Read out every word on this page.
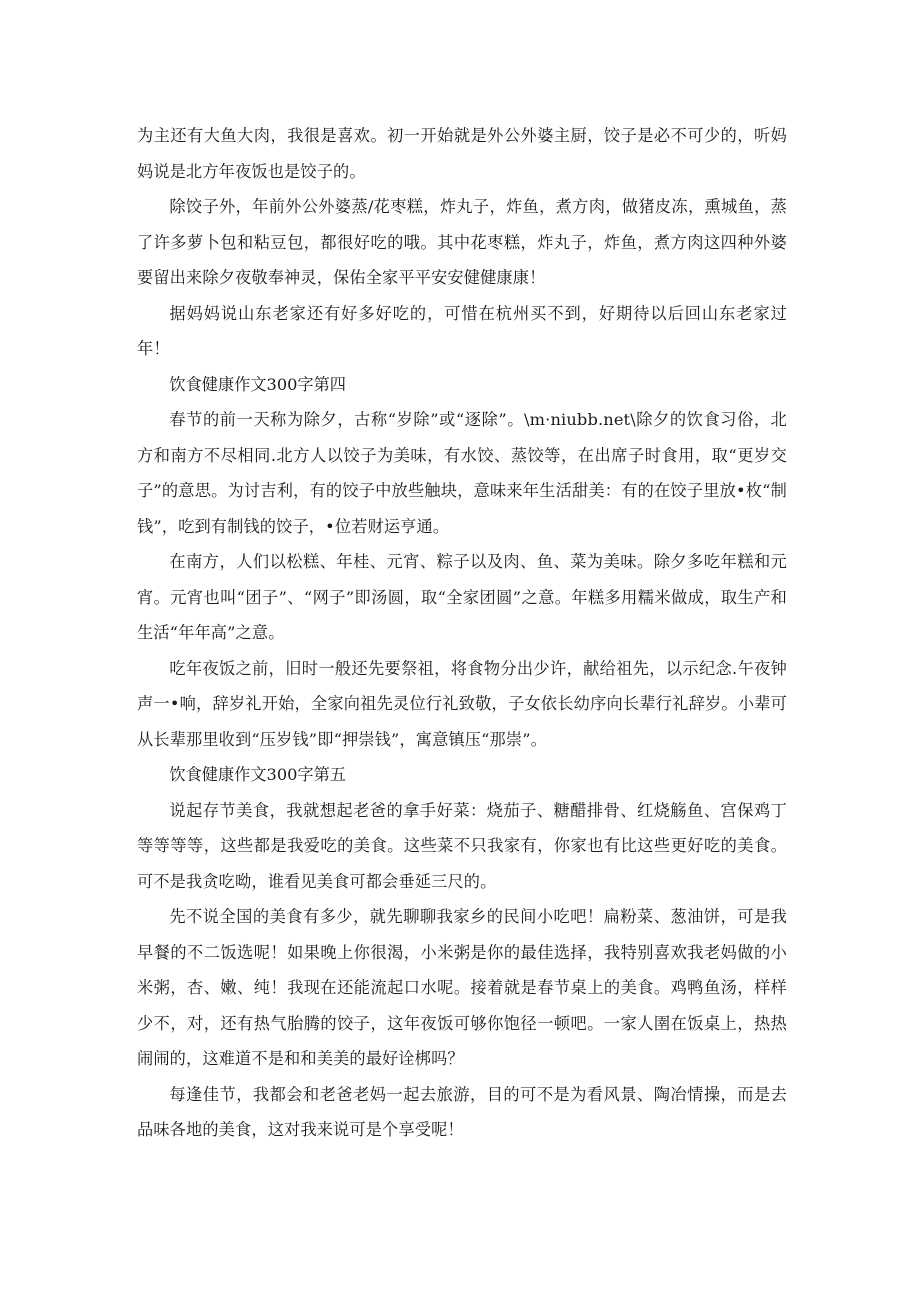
为主还有大鱼大肉，我很是喜欢。初一开始就是外公外婆主厨，饺子是必不可少的，听妈妈说是北方年夜饭也是饺子的。

除饺子外，年前外公外婆蒸/花枣糕，炸丸子，炸鱼，煮方肉，做猪皮冻，熏城鱼，蒸了许多萝卜包和粘豆包，都很好吃的哦。其中花枣糕，炸丸子，炸鱼，煮方肉这四种外婆要留出来除夕夜敬奉神灵，保佑全家平平安安健健康康！

据妈妈说山东老家还有好多好吃的，可惜在杭州买不到，好期待以后回山东老家过年！

饮食健康作文300字第四

春节的前一天称为除夕，古称“岁除”或“逐除”。\m·niubb.net\除夕的饮食习俗，北方和南方不尽相同.北方人以饺子为美味，有水饺、蒸饺等，在出席子时食用，取“更岁交子”的意思。为讨吉利，有的饺子中放些触块，意味来年生活甜美：有的在饺子里放•枚“制钱”，吃到有制钱的饺子，•位若财运亨通。

在南方，人们以松糕、年桂、元宵、粽子以及肉、鱼、菜为美味。除夕多吃年糕和元宵。元宵也叫“团子”、“网子”即汤圆，取“全家团圆”之意。年糕多用糯米做成，取生产和生活“年年高”之意。

吃年夜饭之前，旧时一般还先要祭祖，将食物分出少许，献给祖先，以示纪念.午夜钟声一•响，辞岁礼开始，全家向祖先灵位行礼致敬，子女依长幼序向长辈行礼辞岁。小辈可从长辈那里收到“压岁钱”即“押崇钱”，寓意镇压“那崇”。

饮食健康作文300字第五

说起存节美食，我就想起老爸的拿手好菜：烧茄子、糖醋排骨、红烧觞鱼、宫保鸡丁等等等等，这些都是我爱吃的美食。这些菜不只我家有，你家也有比这些更好吃的美食。可不是我贪吃呦，谁看见美食可都会垂延三尺的。

先不说全国的美食有多少，就先聊聊我家乡的民间小吃吧！扁粉菜、葱油饼，可是我早餐的不二饭选呢！如果晚上你很渴，小米粥是你的最佳选择，我特别喜欢我老妈做的小米粥，杏、嫩、纯！我现在还能流起口水呢。接着就是春节桌上的美食。鸡鸭鱼汤，样样少不，对，还有热气胎腾的饺子，这年夜饭可够你饱径一顿吧。一家人圉在饭桌上，热热闹闹的，这难道不是和和美美的最好诠梆吗？

每逢佳节，我都会和老爸老妈一起去旅游，目的可不是为看风景、陶冶情操，而是去品味各地的美食，这对我来说可是个享受呢！
